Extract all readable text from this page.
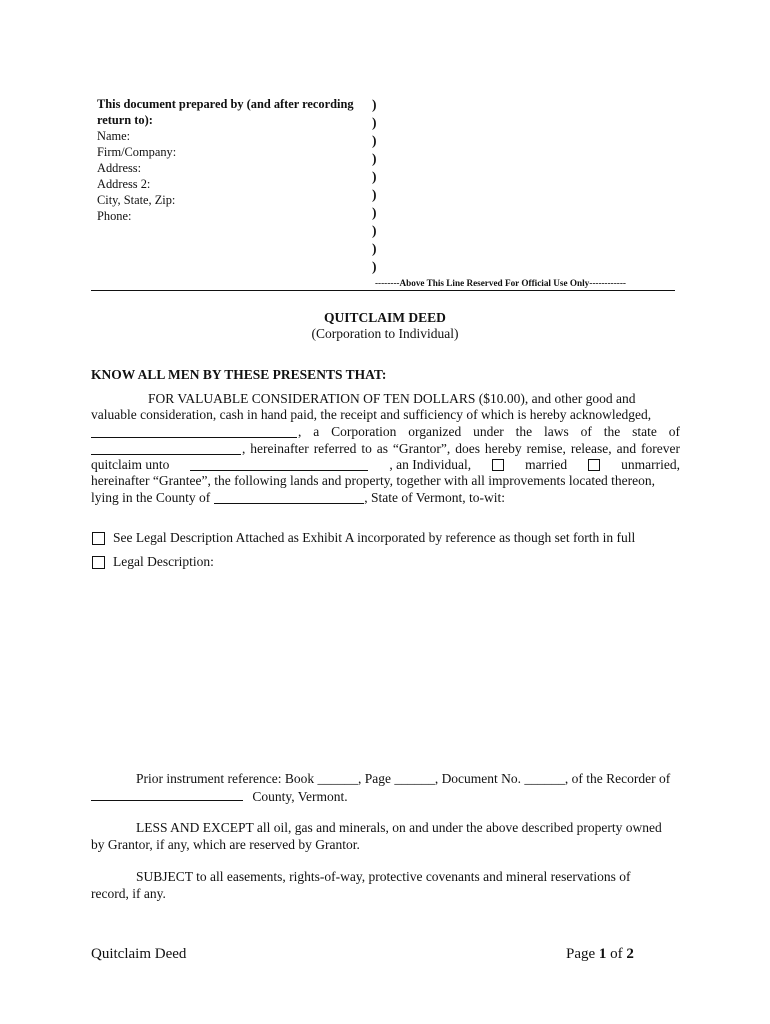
This document prepared by (and after recording return to):
Name:
Firm/Company:
Address:
Address 2:
City, State, Zip:
Phone:
)
)
)
)
)
)
)
)
)
)
--------Above This Line Reserved For Official Use Only------------
QUITCLAIM DEED
(Corporation to Individual)
KNOW ALL MEN BY THESE PRESENTS THAT:
FOR VALUABLE CONSIDERATION OF TEN DOLLARS ($10.00), and other good and
valuable consideration, cash in hand paid, the receipt and sufficiency of which is hereby acknowledged,
, a Corporation organized under the laws of the state of
, hereinafter referred to as “Grantor”, does hereby remise, release, and forever
quitclaim unto	, an Individual,	married	unmarried,
hereinafter “Grantee”, the following lands and property, together with all improvements located thereon,
lying in the County of	, State of Vermont, to-wit:
See Legal Description Attached as Exhibit A incorporated by reference as though set forth in full
Legal Description:
Prior instrument reference: Book ______, Page ______, Document No. ______, of the Recorder of
County, Vermont.
LESS AND EXCEPT all oil, gas and minerals, on and under the above described property owned
by Grantor, if any, which are reserved by Grantor.
SUBJECT to all easements, rights-of-way, protective covenants and mineral reservations of
record, if any.
Quitclaim Deed	Page 1 of 2
